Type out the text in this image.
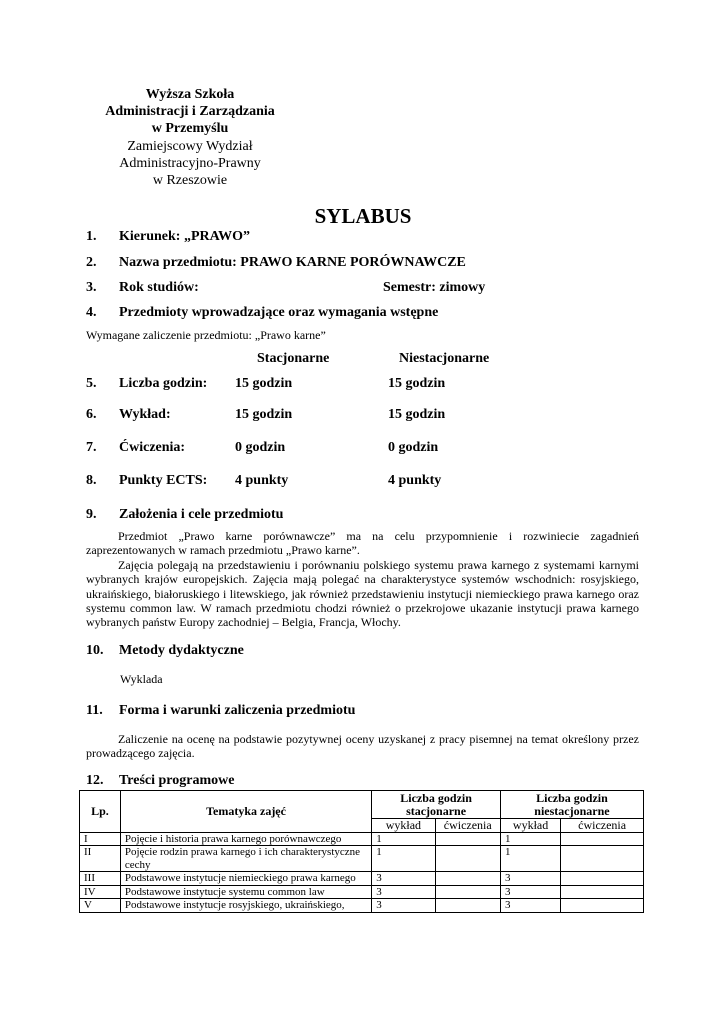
Wyższa Szkoła
Administracji i Zarządzania
w Przemyślu
Zamiejscowy Wydział
Administracyjno-Prawny
w Rzeszowie
SYLABUS
1. Kierunek: „PRAWO”
2. Nazwa przedmiotu: PRAWO KARNE PORÓWNAWCZE
3. Rok studiów:	Semestr: zimowy
4. Przedmioty wprowadzające oraz wymagania wstępne
Wymagane zaliczenie przedmiotu: „Prawo karne”
Stacjonarne	Niestacjonarne
5. Liczba godzin: 15 godzin	15 godzin
6. Wykład:	15 godzin	15 godzin
7. Ćwiczenia:	0 godzin	0 godzin
8. Punkty ECTS: 4 punkty	4 punkty
9. Założenia i cele przedmiotu

Przedmiot „Prawo karne porównawcze” ma na celu przypomnienie i rozwiniecie zagadnień zaprezentowanych w ramach przedmiotu „Prawo karne”.

Zajęcia polegają na przedstawieniu i porównaniu polskiego systemu prawa karnego z systemami karnymi wybranych krajów europejskich. Zajęcia mają polegać na charakterystyce systemów wschodnich: rosyjskiego, ukraińskiego, białoruskiego i litewskiego, jak również przedstawieniu instytucji niemieckiego prawa karnego oraz systemu common law. W ramach przedmiotu chodzi również o przekrojowe ukazanie instytucji prawa karnego wybranych państw Europy zachodniej – Belgia, Francja, Włochy.

10. Metody dydaktyczne
Wyklada
11. Forma i warunki zaliczenia przedmiotu

Zaliczenie na ocenę na podstawie pozytywnej oceny uzyskanej z pracy pisemnej na temat określony przez prowadzącego zajęcia.

12. Treści programowe
Lp.	Tematyka zajęć	Liczba godzin stacjonarne		Liczba godzin niestacjonarne	
		wykład	ćwiczenia	wykład	ćwiczenia
I	Pojęcie i historia prawa karnego porównawczego	1		1	
II	Pojęcie rodzin prawa karnego i ich charakterystyczne cechy	1		1	
III	Podstawowe instytucje niemieckiego prawa karnego	3		3	
IV	Podstawowe instytucje systemu common law	3		3	
V	Podstawowe instytucje rosyjskiego, ukraińskiego,	3		3	
